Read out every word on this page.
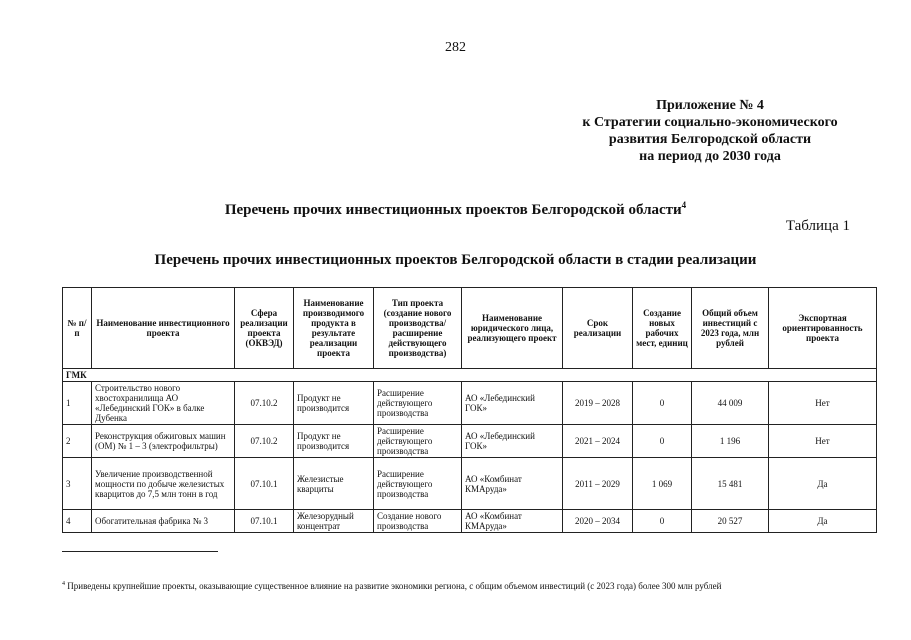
282
Приложение № 4
к Стратегии социально-экономического
развития Белгородской области
на период до 2030 года
Перечень прочих инвестиционных проектов Белгородской области$^4$
Таблица 1
Перечень прочих инвестиционных проектов Белгородской области в стадии реализации
№ п/п	Наименование инвестиционного проекта	Сфера реализации проекта (ОКВЭД)	Наименование производимого продукта в результате реализации проекта	Тип проекта (создание нового производства/ расширение действующего производства)	Наименование юридического лица, реализующего проект	Срок реализации	Создание новых рабочих мест, единиц	Общий объем инвестиций с 2023 года, млн рублей	Экспортная ориентированность проекта
ГМК									
1	Строительство нового хвостохранилища АО «Лебединский ГОК» в балке Дубенка	07.10.2	Продукт не производится	Расширение действующего производства	АО «Лебединский ГОК»	2019 – 2028	0	44 009	Нет
2	Реконструкция обжиговых машин (ОМ) № 1 – 3 (электрофильтры)	07.10.2	Продукт не производится	Расширение действующего производства	АО «Лебединский ГОК»	2021 – 2024	0	1 196	Нет
3	Увеличение производственной мощности по добыче железистых кварцитов до 7,5 млн тонн в год	07.10.1	Железистые кварциты	Расширение действующего производства	АО «Комбинат КМАруда»	2011 – 2029	1 069	15 481	Да
4	Обогатительная фабрика № 3	07.10.1	Железорудный концентрат	Создание нового производства	АО «Комбинат КМАруда»	2020 – 2034	0	20 527	Да
$^4$ Приведены крупнейшие проекты, оказывающие существенное влияние на развитие экономики региона, с общим объемом инвестиций (с 2023 года) более 300 млн рублей
